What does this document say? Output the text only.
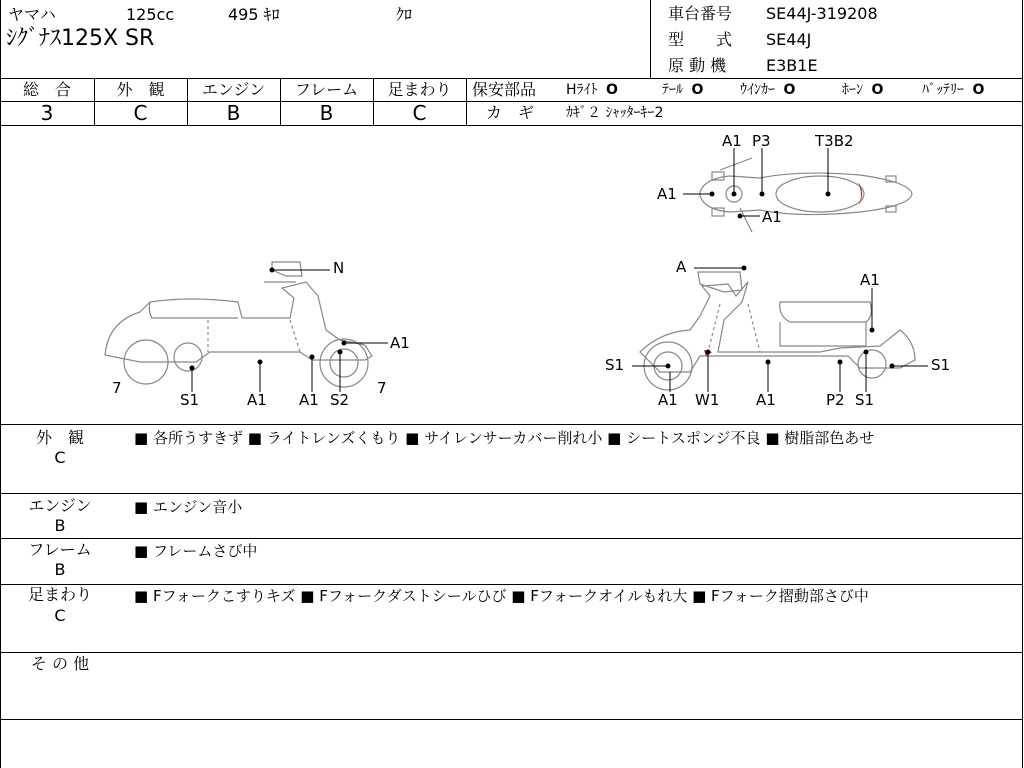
ヤマハ	125cc	495 ｷﾛ	ｸﾛ
ｼｸﾞﾅｽ125X SR
車台番号 SE44J-319208
型　　式 SE44J
原 動 機 E3B1E
総　合	外　観	エンジン	フレーム	足まわり
3	C	B	B	C
保安部品 Hﾗｲﾄ O	ﾃｰﾙ O	ｳｲﾝｶｰ O	ﾎｰﾝ O	ﾊﾞｯﾃﾘｰ O
カ　ギ ｶｷﾞ２ ｼｬｯﾀｰｷｰ2
N
A1
7	7
S1	A1 A1 S2
A1 P3	T3B2
A1
A1
A
A1
S1	S1
A1 W1 A1	P2 S1
外　観
C
■ 各所うすきず ■ ライトレンズくもり ■ サイレンサーカバー削れ小 ■ シートスポンジ不良 ■ 樹脂部色あせ
エンジン
B
■ エンジン音小
フレーム
B
■ フレームさび中
足まわり
C
■ Fフォークこすりキズ ■ Fフォークダストシールひび ■ Fフォークオイルもれ大 ■ Fフォーク摺動部さび中
そ の 他
